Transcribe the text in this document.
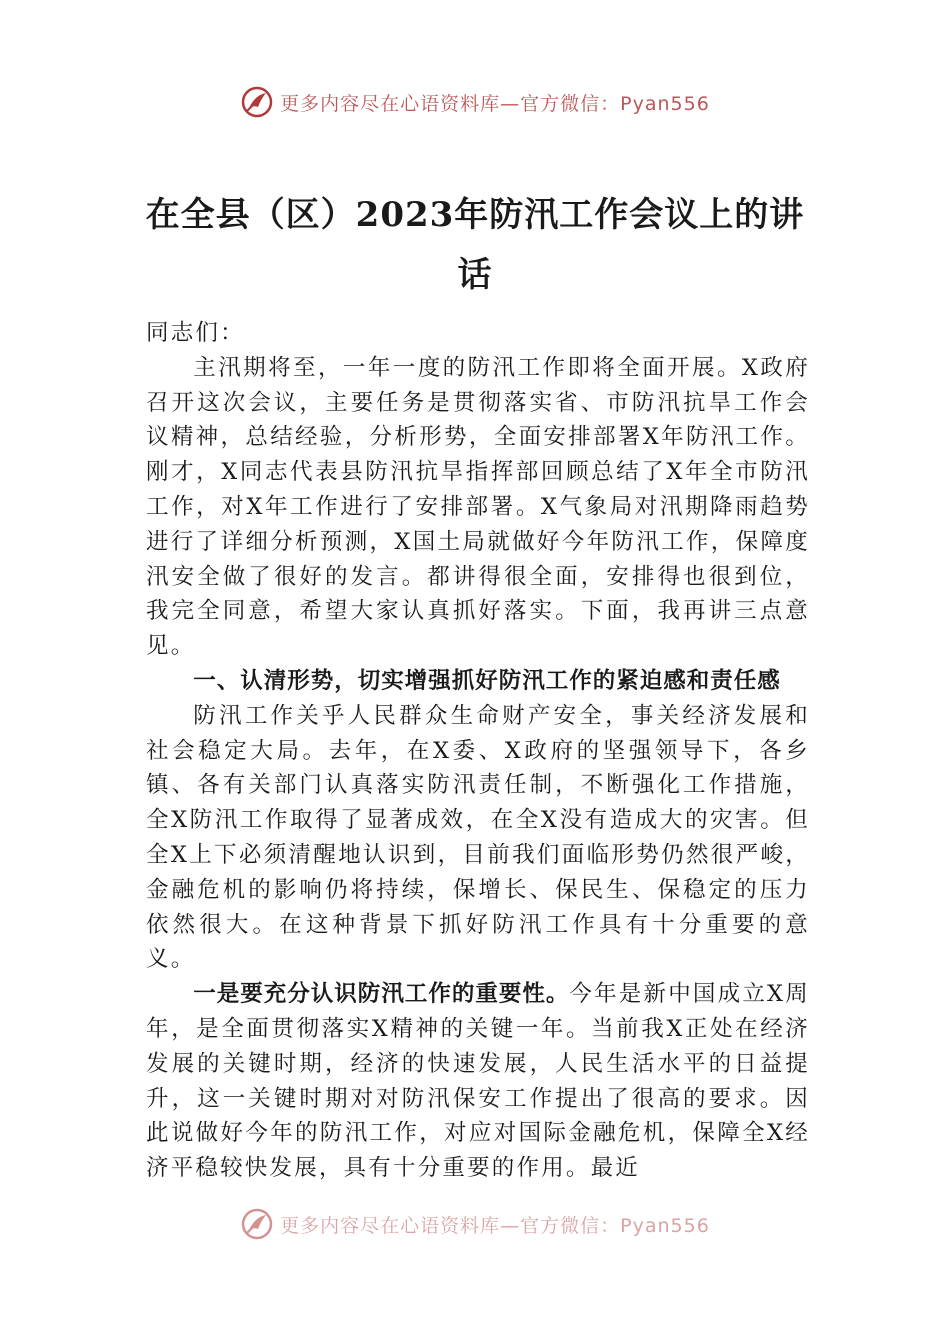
更多内容尽在心语资料库—官方微信：Pyan556
在全县（区）2023年防汛工作会议上的讲话

同志们：

主汛期将至，一年一度的防汛工作即将全面开展。X政府召开这次会议，主要任务是贯彻落实省、市防汛抗旱工作会议精神，总结经验，分析形势，全面安排部署X年防汛工作。刚才，X同志代表县防汛抗旱指挥部回顾总结了X年全市防汛工作，对X年工作进行了安排部署。X气象局对汛期降雨趋势进行了详细分析预测，X国土局就做好今年防汛工作，保障度汛安全做了很好的发言。都讲得很全面，安排得也很到位，我完全同意，希望大家认真抓好落实。下面，我再讲三点意见。

一、认清形势，切实增强抓好防汛工作的紧迫感和责任感

防汛工作关乎人民群众生命财产安全，事关经济发展和社会稳定大局。去年，在X委、X政府的坚强领导下，各乡镇、各有关部门认真落实防汛责任制，不断强化工作措施，全X防汛工作取得了显著成效，在全X没有造成大的灾害。但全X上下必须清醒地认识到，目前我们面临形势仍然很严峻，金融危机的影响仍将持续，保增长、保民生、保稳定的压力依然很大。在这种背景下抓好防汛工作具有十分重要的意义。

一是要充分认识防汛工作的重要性。今年是新中国成立X周年，是全面贯彻落实X精神的关键一年。当前我X正处在经济发展的关键时期，经济的快速发展，人民生活水平的日益提升，这一关键时期对对防汛保安工作提出了很高的要求。因此说做好今年的防汛工作，对应对国际金融危机，保障全X经济平稳较快发展，具有十分重要的作用。最近

更多内容尽在心语资料库—官方微信：Pyan556
